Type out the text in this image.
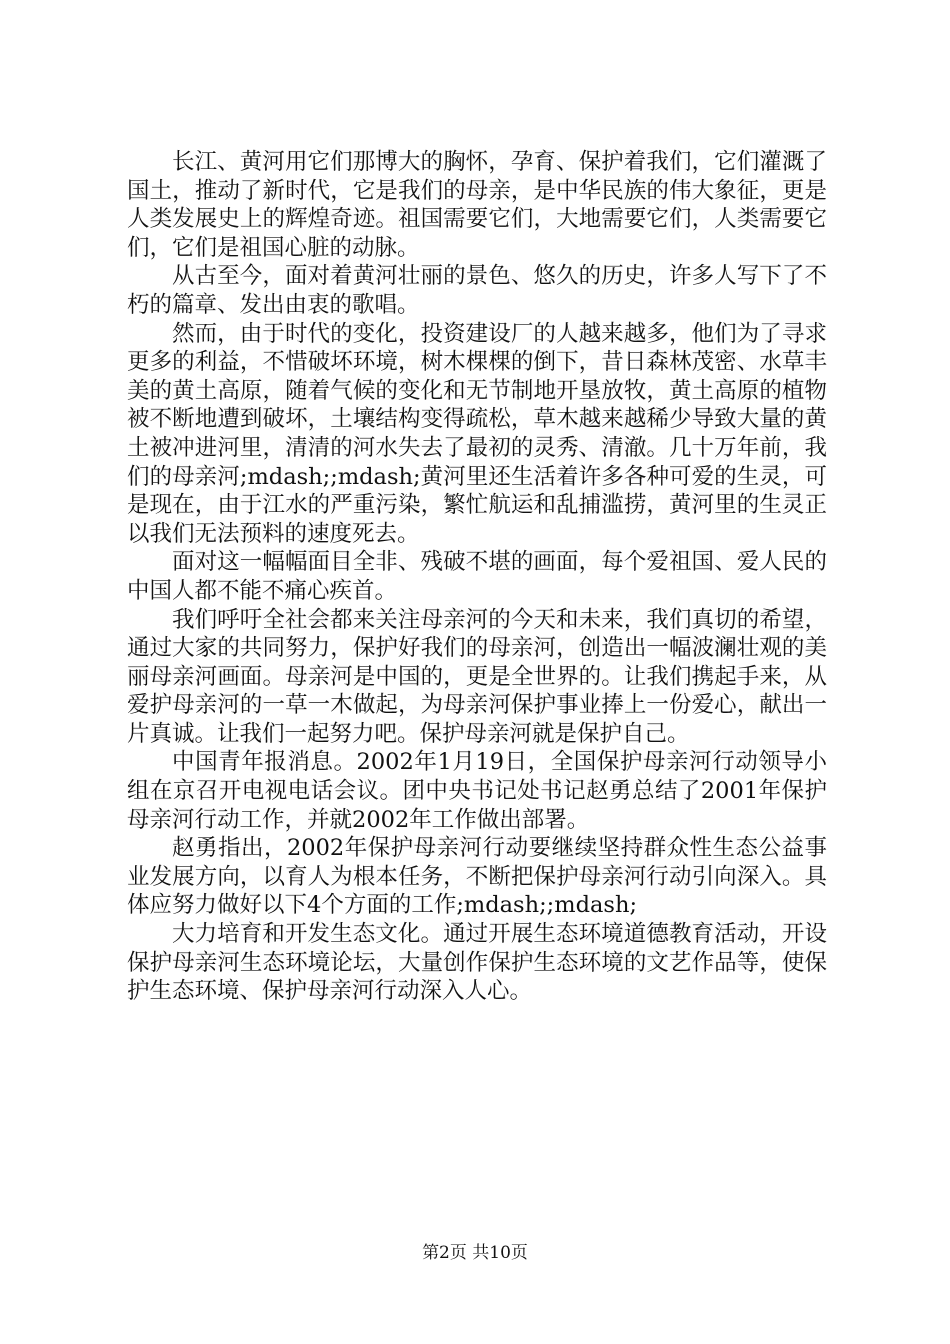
长江、黄河用它们那博大的胸怀，孕育、保护着我们，它们灌溉了国土，推动了新时代，它是我们的母亲，是中华民族的伟大象征，更是人类发展史上的辉煌奇迹。祖国需要它们，大地需要它们，人类需要它们，它们是祖国心脏的动脉。

从古至今，面对着黄河壮丽的景色、悠久的历史，许多人写下了不朽的篇章、发出由衷的歌唱。

然而，由于时代的变化，投资建设厂的人越来越多，他们为了寻求更多的利益，不惜破坏环境，树木棵棵的倒下，昔日森林茂密、水草丰美的黄土高原，随着气候的变化和无节制地开垦放牧，黄土高原的植物被不断地遭到破坏，土壤结构变得疏松，草木越来越稀少导致大量的黄土被冲进河里，清清的河水失去了最初的灵秀、清澈。几十万年前，我们的母亲河;mdash;;mdash;黄河里还生活着许多各种可爱的生灵，可是现在，由于江水的严重污染，繁忙航运和乱捕滥捞，黄河里的生灵正以我们无法预料的速度死去。

面对这一幅幅面目全非、残破不堪的画面，每个爱祖国、爱人民的中国人都不能不痛心疾首。

我们呼吁全社会都来关注母亲河的今天和未来，我们真切的希望，通过大家的共同努力，保护好我们的母亲河，创造出一幅波澜壮观的美丽母亲河画面。母亲河是中国的，更是全世界的。让我们携起手来，从爱护母亲河的一草一木做起，为母亲河保护事业捧上一份爱心，献出一片真诚。让我们一起努力吧。保护母亲河就是保护自己。

中国青年报消息。2002年1月19日，全国保护母亲河行动领导小组在京召开电视电话会议。团中央书记处书记赵勇总结了2001年保护母亲河行动工作，并就2002年工作做出部署。

赵勇指出，2002年保护母亲河行动要继续坚持群众性生态公益事业发展方向，以育人为根本任务，不断把保护母亲河行动引向深入。具体应努力做好以下4个方面的工作;mdash;;mdash;

大力培育和开发生态文化。通过开展生态环境道德教育活动，开设保护母亲河生态环境论坛，大量创作保护生态环境的文艺作品等，使保护生态环境、保护母亲河行动深入人心。

第2页 共10页
